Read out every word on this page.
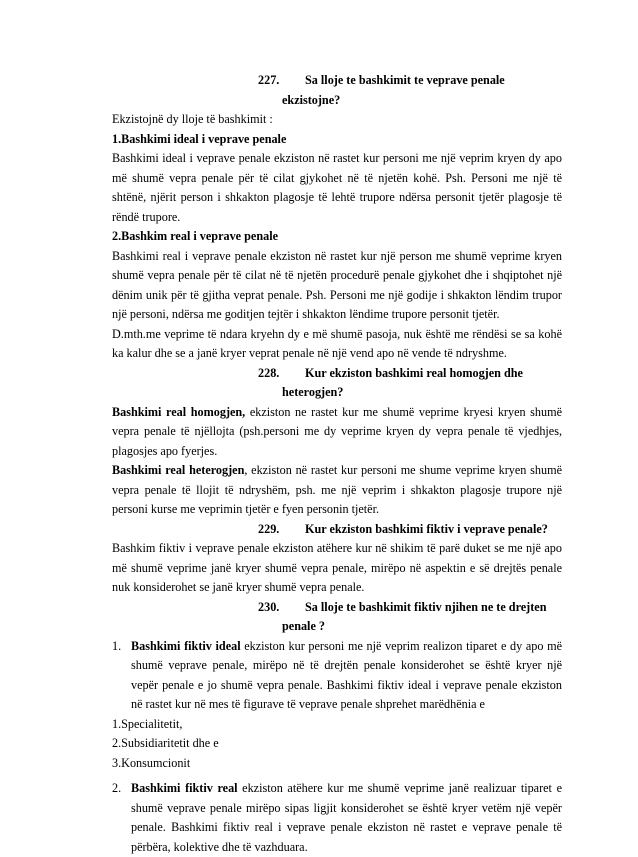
227. Sa lloje te bashkimit te veprave penale
ekzistojne?

Ekzistojnë dy lloje të bashkimit :

1.Bashkimi ideal i veprave penale

Bashkimi ideal i veprave penale ekziston në rastet kur personi me një veprim kryen dy apo më shumë vepra penale për të cilat gjykohet në të njetën kohë. Psh. Personi me një të shtënë, njërit person i shkakton plagosje të lehtë trupore ndërsa personit tjetër plagosje të rëndë trupore.

2.Bashkim real i veprave penale

Bashkimi real i veprave penale ekziston në rastet kur një person me shumë veprime kryen shumë vepra penale për të cilat në të njetën procedurë penale gjykohet dhe i shqiptohet një dënim unik për të gjitha veprat penale. Psh. Personi me një godije i shkakton lëndim trupor një personi, ndërsa me goditjen tejtër i shkakton lëndime trupore personit tjetër.

D.mth.me veprime të ndara kryehn dy e më shumë pasoja, nuk është me rëndësi se sa kohë ka kalur dhe se a janë kryer veprat penale në një vend apo në vende të ndryshme.

228. Kur ekziston bashkimi real homogjen dhe
heterogjen?

Bashkimi real homogjen, ekziston ne rastet kur me shumë veprime kryesi kryen shumë vepra penale të njëllojta (psh.personi me dy veprime kryen dy vepra penale të vjedhjes, plagosjes apo fyerjes.

Bashkimi real heterogjen, ekziston në rastet kur personi me shume veprime kryen shumë vepra penale të llojit të ndryshëm, psh. me një veprim i shkakton plagosje trupore një personi kurse me veprimin tjetër e fyen personin tjetër.

229. Kur ekziston bashkimi fiktiv i veprave penale?

Bashkim fiktiv i veprave penale ekziston atëhere kur në shikim të parë duket se me një apo më shumë veprime janë kryer shumë vepra penale, mirëpo në aspektin e së drejtës penale nuk konsiderohet se janë kryer shumë vepra penale.

230. Sa lloje te bashkimit fiktiv njihen ne te drejten
penale ?

1. Bashkimi fiktiv ideal ekziston kur personi me një veprim realizon tiparet e dy apo më shumë veprave penale, mirëpo në të drejtën penale konsiderohet se është kryer një vepër penale e jo shumë vepra penale. Bashkimi fiktiv ideal i veprave penale ekziston në rastet kur në mes të figurave të veprave penale shprehet marëdhënia e

1.Specialitetit,

2.Subsidiaritetit dhe e

3.Konsumcionit

2. Bashkimi fiktiv real ekziston atëhere kur me shumë veprime janë realizuar tiparet e shumë veprave penale mirëpo sipas ligjit konsiderohet se është kryer vetëm një vepër penale. Bashkimi fiktiv real i veprave penale ekziston në rastet e veprave penale të përbëra, kolektive dhe të vazhduara.
